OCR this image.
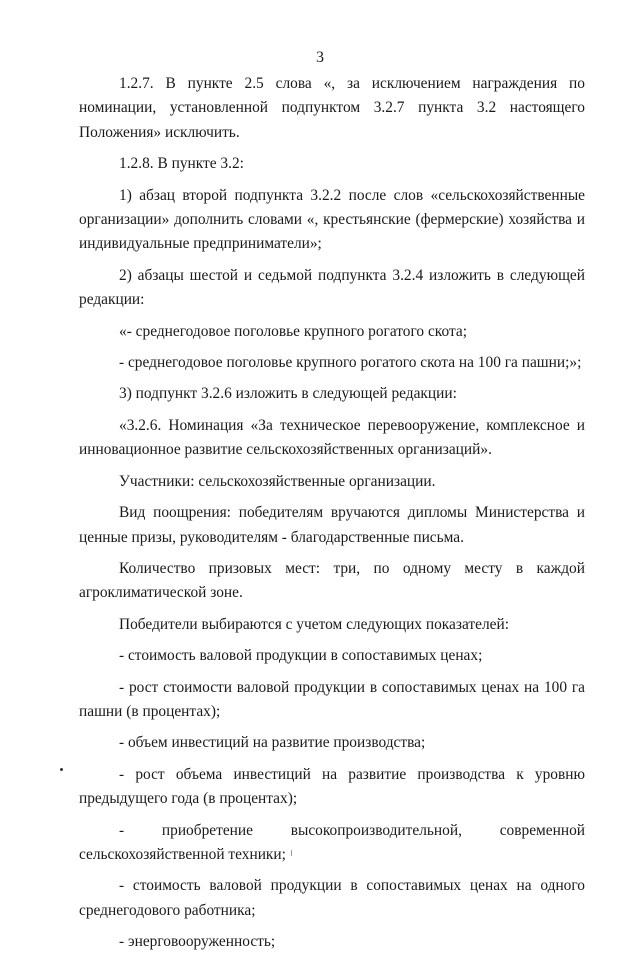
3

1.2.7. В пункте 2.5 слова «, за исключением награждения по номинации, установленной подпунктом 3.2.7 пункта 3.2 настоящего Положения» исключить.

1.2.8. В пункте 3.2:

1) абзац второй подпункта 3.2.2 после слов «сельскохозяйственные организации» дополнить словами «, крестьянские (фермерские) хозяйства и индивидуальные предприниматели»;

2) абзацы шестой и седьмой подпункта 3.2.4 изложить в следующей редакции:

«- среднегодовое поголовье крупного рогатого скота;

- среднегодовое поголовье крупного рогатого скота на 100 га пашни;»;

3) подпункт 3.2.6 изложить в следующей редакции:

«3.2.6. Номинация «За техническое перевооружение, комплексное и инновационное развитие сельскохозяйственных организаций».

Участники: сельскохозяйственные организации.

Вид поощрения: победителям вручаются дипломы Министерства и ценные призы, руководителям - благодарственные письма.

Количество призовых мест: три, по одному месту в каждой агроклиматической зоне.

Победители выбираются с учетом следующих показателей:

- стоимость валовой продукции в сопоставимых ценах;

- рост стоимости валовой продукции в сопоставимых ценах на 100 га пашни (в процентах);

- объем инвестиций на развитие производства;

- рост объема инвестиций на развитие производства к уровню предыдущего года (в процентах);

- приобретение высокопроизводительной, современной сельскохозяйственной техники;

- стоимость валовой продукции в сопоставимых ценах на одного среднегодового работника;

- энерговооруженность;
